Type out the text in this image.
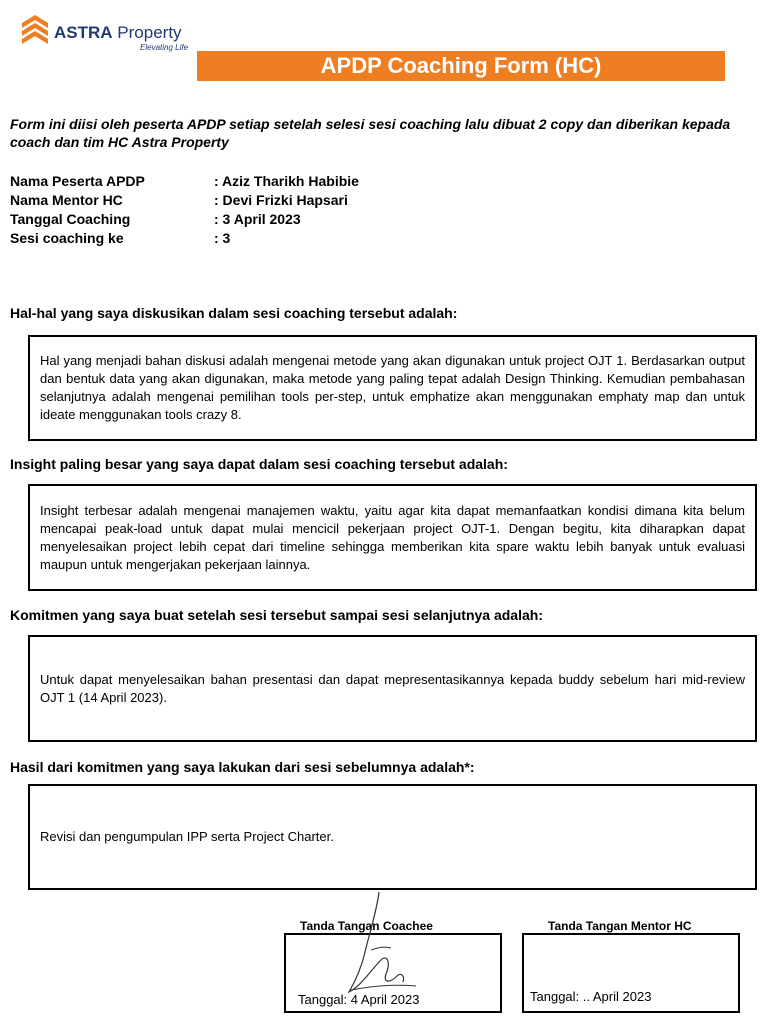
ASTRA Property
Elevating Life
APDP Coaching Form (HC)
Form ini diisi oleh peserta APDP setiap setelah selesi sesi coaching lalu dibuat 2 copy dan diberikan kepada coach dan tim HC Astra Property
Nama Peserta APDP	: Aziz Tharikh Habibie
Nama Mentor HC	: Devi Frizki Hapsari
Tanggal Coaching	: 3 April 2023
Sesi coaching ke	: 3
Hal-hal yang saya diskusikan dalam sesi coaching tersebut adalah:
Hal yang menjadi bahan diskusi adalah mengenai metode yang akan digunakan untuk project OJT 1. Berdasarkan output dan bentuk data yang akan digunakan, maka metode yang paling tepat adalah Design Thinking. Kemudian pembahasan selanjutnya adalah mengenai pemilihan tools per-step, untuk emphatize akan menggunakan emphaty map dan untuk ideate menggunakan tools crazy 8.
Insight paling besar yang saya dapat dalam sesi coaching tersebut adalah:
Insight terbesar adalah mengenai manajemen waktu, yaitu agar kita dapat memanfaatkan kondisi dimana kita belum mencapai peak-load untuk dapat mulai mencicil pekerjaan project OJT-1. Dengan begitu, kita diharapkan dapat menyelesaikan project lebih cepat dari timeline sehingga memberikan kita spare waktu lebih banyak untuk evaluasi maupun untuk mengerjakan pekerjaan lainnya.
Komitmen yang saya buat setelah sesi tersebut sampai sesi selanjutnya adalah:
Untuk dapat menyelesaikan bahan presentasi dan dapat mepresentasikannya kepada buddy sebelum hari mid-review OJT 1 (14 April 2023).
Hasil dari komitmen yang saya lakukan dari sesi sebelumnya adalah*:
Revisi dan pengumpulan IPP serta Project Charter.
Tanda Tangan Coachee
Tanggal: 4 April 2023
Tanda Tangan Mentor HC
Tanggal: .. April 2023
